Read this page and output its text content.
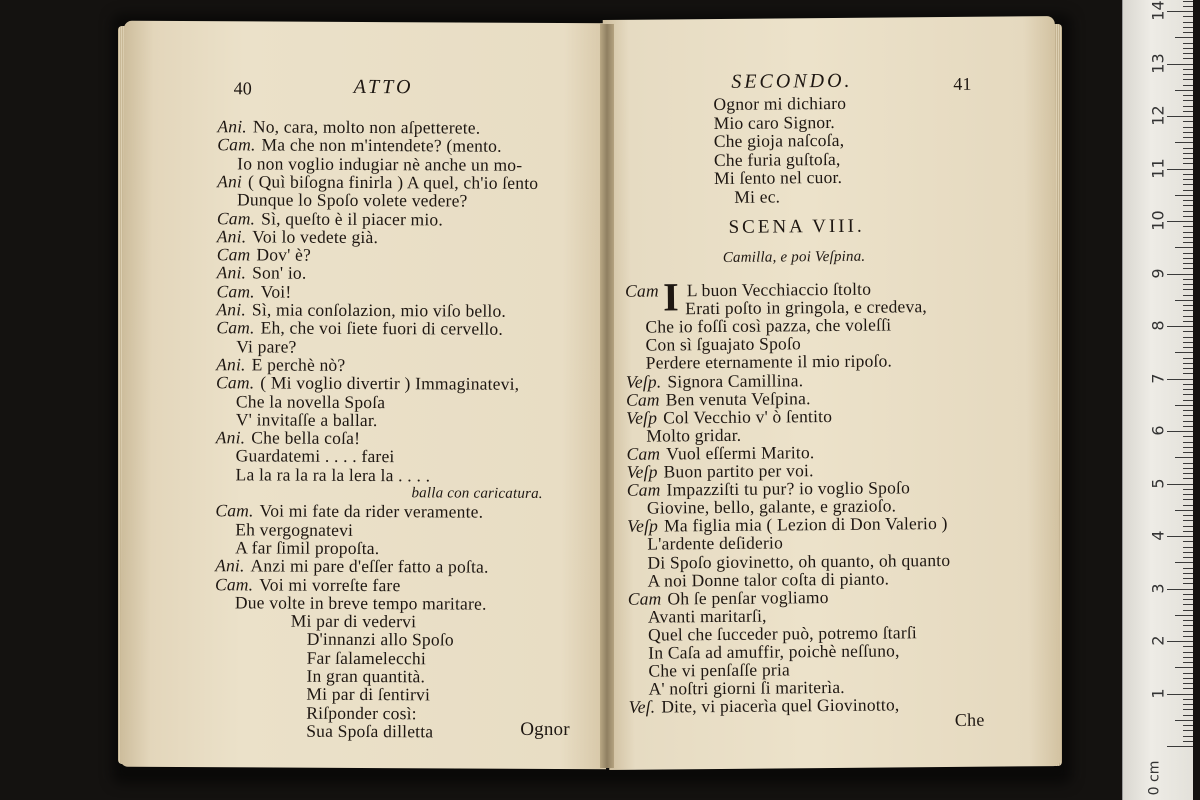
40	ATTO
Ani. No, cara, molto non aſpetterete.
Cam. Ma che non m'intendete? (mento.
Io non voglio indugiar nè anche un mo-
Ani ( Quì biſogna finirla ) A quel, ch'io ſento
Dunque lo Spoſo volete vedere?
Cam. Sì, queſto è il piacer mio.
Ani. Voi lo vedete già.
Cam Dov' è?
Ani. Son' io.
Cam. Voi!
Ani. Sì, mia conſolazion, mio viſo bello.
Cam. Eh, che voi ſiete fuori di cervello.
Vi pare?
Ani. E perchè nò?
Cam. ( Mi voglio divertir ) Immaginatevi,
Che la novella Spoſa
V' invitaſſe a ballar.
Ani. Che bella coſa!
Guardatemi . . . . farei
La la ra la ra la lera la . . . .
balla con caricatura.
Cam. Voi mi fate da rider veramente.
Eh vergognatevi
A far ſimil propoſta.
Ani. Anzi mi pare d'eſſer fatto a poſta.
Cam. Voi mi vorreſte fare
Due volte in breve tempo maritare.
Mi par di vedervi
D'innanzi allo Spoſo
Far ſalamelecchi
In gran quantità.
Mi par di ſentirvi
Riſponder così:
Sua Spoſa dilletta	Ognor
SECONDO.	41
Ognor mi dichiaro
Mio caro Signor.
Che gioja naſcoſa,
Che furia guſtoſa,
Mi ſento nel cuor.
Mi ec.
SCENA VIII.
Camilla, e poi Veſpina.
I
Cam L buon Vecchiaccio ſtolto
Erati poſto in gringola, e credeva,
Che io foſſi così pazza, che voleſſi
Con sì ſguajato Spoſo
Perdere eternamente il mio ripoſo.
Veſp. Signora Camillina.
Cam Ben venuta Veſpina.
Veſp Col Vecchio v' ò ſentito
Molto gridar.
Cam Vuol eſſermi Marito.
Veſp Buon partito per voi.
Cam Impazziſti tu pur? io voglio Spoſo
Giovine, bello, galante, e grazioſo.
Veſp Ma figlia mia ( Lezion di Don Valerio )
L'ardente deſiderio
Di Spoſo giovinetto, oh quanto, oh quanto
A noi Donne talor coſta di pianto.
Cam Oh ſe penſar vogliamo
Avanti maritarſi,
Quel che ſucceder può, potremo ſtarſi
In Caſa ad amuffir, poichè neſſuno,
Che vi penſaſſe pria
A' noſtri giorni ſi mariterìa.
Veſ. Dite, vi piacerìa quel Giovinotto,
Che
14
13
12
11
10
9
8
7
6
5
4
3
2
1
0 cm
